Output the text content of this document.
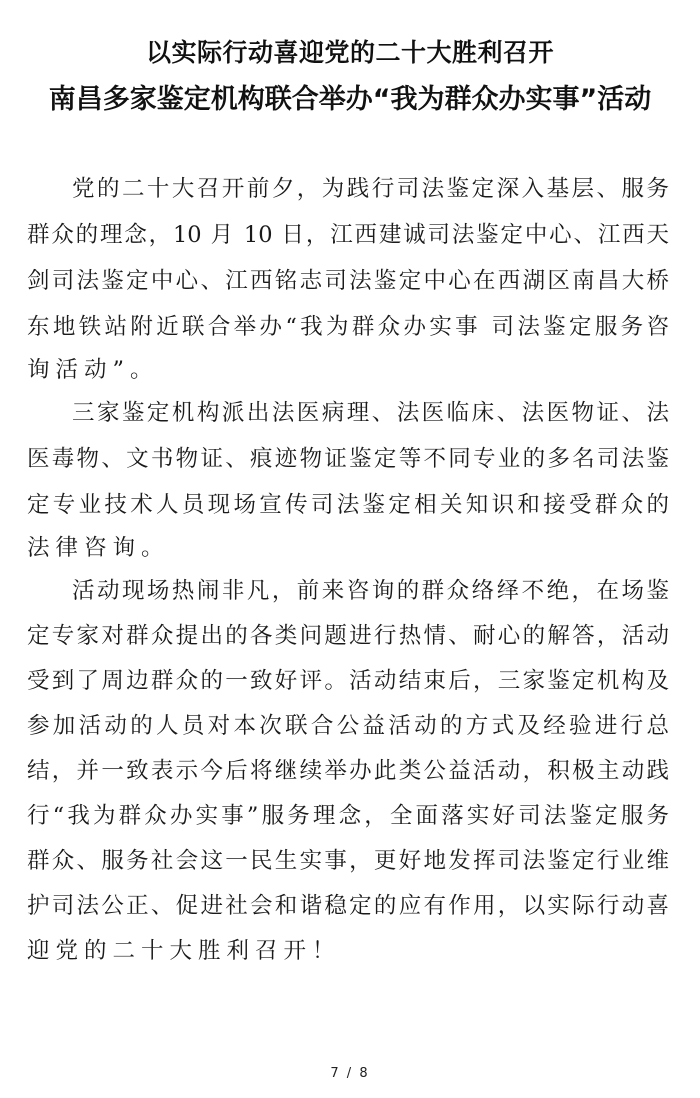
以实际行动喜迎党的二十大胜利召开
南昌多家鉴定机构联合举办“我为群众办实事”活动
党的二十大召开前夕，为践行司法鉴定深入基层、服务
群众的理念，10 月 10 日，江西建诚司法鉴定中心、江西天
剑司法鉴定中心、江西铭志司法鉴定中心在西湖区南昌大桥
东地铁站附近联合举办“我为群众办实事 司法鉴定服务咨
询活动”。
三家鉴定机构派出法医病理、法医临床、法医物证、法
医毒物、文书物证、痕迹物证鉴定等不同专业的多名司法鉴
定专业技术人员现场宣传司法鉴定相关知识和接受群众的
法律咨询。
活动现场热闹非凡，前来咨询的群众络绎不绝，在场鉴
定专家对群众提出的各类问题进行热情、耐心的解答，活动
受到了周边群众的一致好评。活动结束后，三家鉴定机构及
参加活动的人员对本次联合公益活动的方式及经验进行总
结，并一致表示今后将继续举办此类公益活动，积极主动践
行“我为群众办实事”服务理念，全面落实好司法鉴定服务
群众、服务社会这一民生实事，更好地发挥司法鉴定行业维
护司法公正、促进社会和谐稳定的应有作用，以实际行动喜
迎党的二十大胜利召开！
7 / 8
